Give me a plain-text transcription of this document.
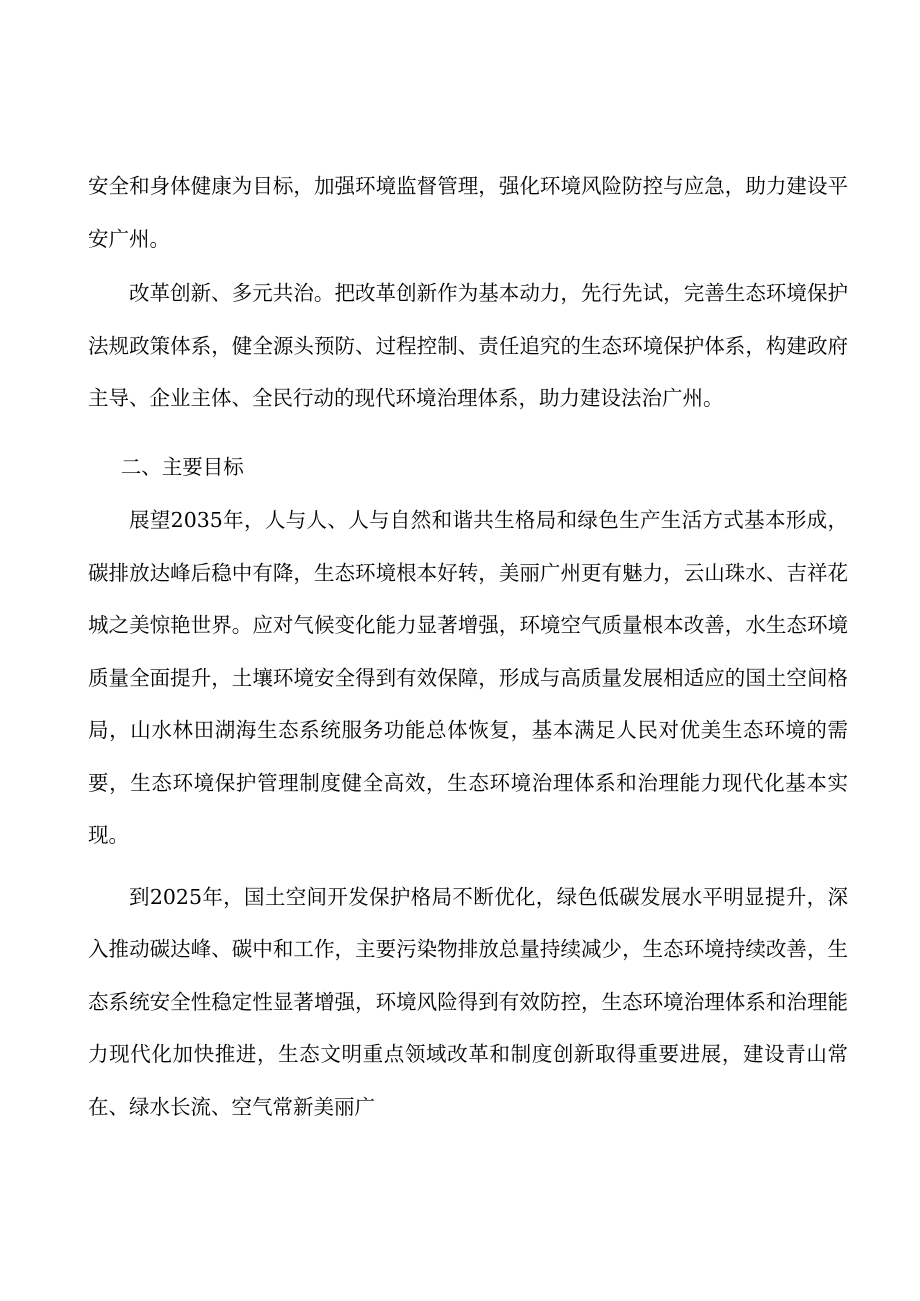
安全和身体健康为目标，加强环境监督管理，强化环境风险防控与应急，助力建设平安广州。

改革创新、多元共治。把改革创新作为基本动力，先行先试，完善生态环境保护法规政策体系，健全源头预防、过程控制、责任追究的生态环境保护体系，构建政府主导、企业主体、全民行动的现代环境治理体系，助力建设法治广州。

二、主要目标

展望2035年，人与人、人与自然和谐共生格局和绿色生产生活方式基本形成，碳排放达峰后稳中有降，生态环境根本好转，美丽广州更有魅力，云山珠水、吉祥花城之美惊艳世界。应对气候变化能力显著增强，环境空气质量根本改善，水生态环境质量全面提升，土壤环境安全得到有效保障，形成与高质量发展相适应的国土空间格局，山水林田湖海生态系统服务功能总体恢复，基本满足人民对优美生态环境的需要，生态环境保护管理制度健全高效，生态环境治理体系和治理能力现代化基本实现。

到2025年，国土空间开发保护格局不断优化，绿色低碳发展水平明显提升，深入推动碳达峰、碳中和工作，主要污染物排放总量持续减少，生态环境持续改善，生态系统安全性稳定性显著增强，环境风险得到有效防控，生态环境治理体系和治理能力现代化加快推进，生态文明重点领域改革和制度创新取得重要进展，建设青山常在、绿水长流、空气常新美丽广
